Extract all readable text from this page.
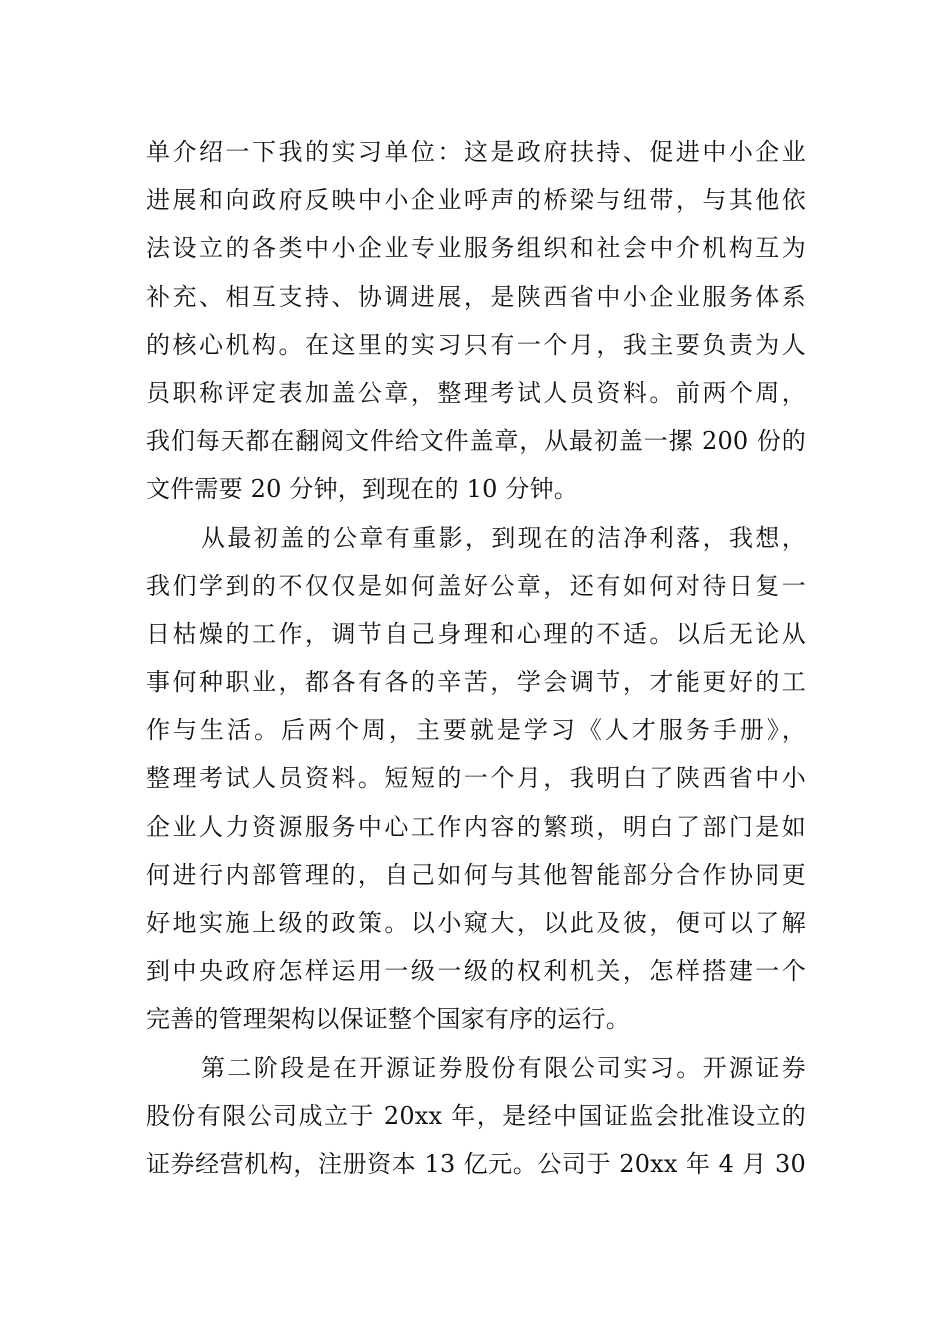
单介绍一下我的实习单位：这是政府扶持、促进中小企业
进展和向政府反映中小企业呼声的桥梁与纽带，与其他依
法设立的各类中小企业专业服务组织和社会中介机构互为
补充、相互支持、协调进展，是陕西省中小企业服务体系
的核心机构。在这里的实习只有一个月，我主要负责为人
员职称评定表加盖公章，整理考试人员资料。前两个周，
我们每天都在翻阅文件给文件盖章，从最初盖一摞 200 份的
文件需要 20 分钟，到现在的 10 分钟。
从最初盖的公章有重影，到现在的洁净利落，我想，
我们学到的不仅仅是如何盖好公章，还有如何对待日复一
日枯燥的工作，调节自己身理和心理的不适。以后无论从
事何种职业，都各有各的辛苦，学会调节，才能更好的工
作与生活。后两个周，主要就是学习《人才服务手册》，
整理考试人员资料。短短的一个月，我明白了陕西省中小
企业人力资源服务中心工作内容的繁琐，明白了部门是如
何进行内部管理的，自己如何与其他智能部分合作协同更
好地实施上级的政策。以小窥大，以此及彼，便可以了解
到中央政府怎样运用一级一级的权利机关，怎样搭建一个
完善的管理架构以保证整个国家有序的运行。
第二阶段是在开源证券股份有限公司实习。开源证券
股份有限公司成立于 20xx 年，是经中国证监会批准设立的
证券经营机构，注册资本 13 亿元。公司于 20xx 年 4 月 30
